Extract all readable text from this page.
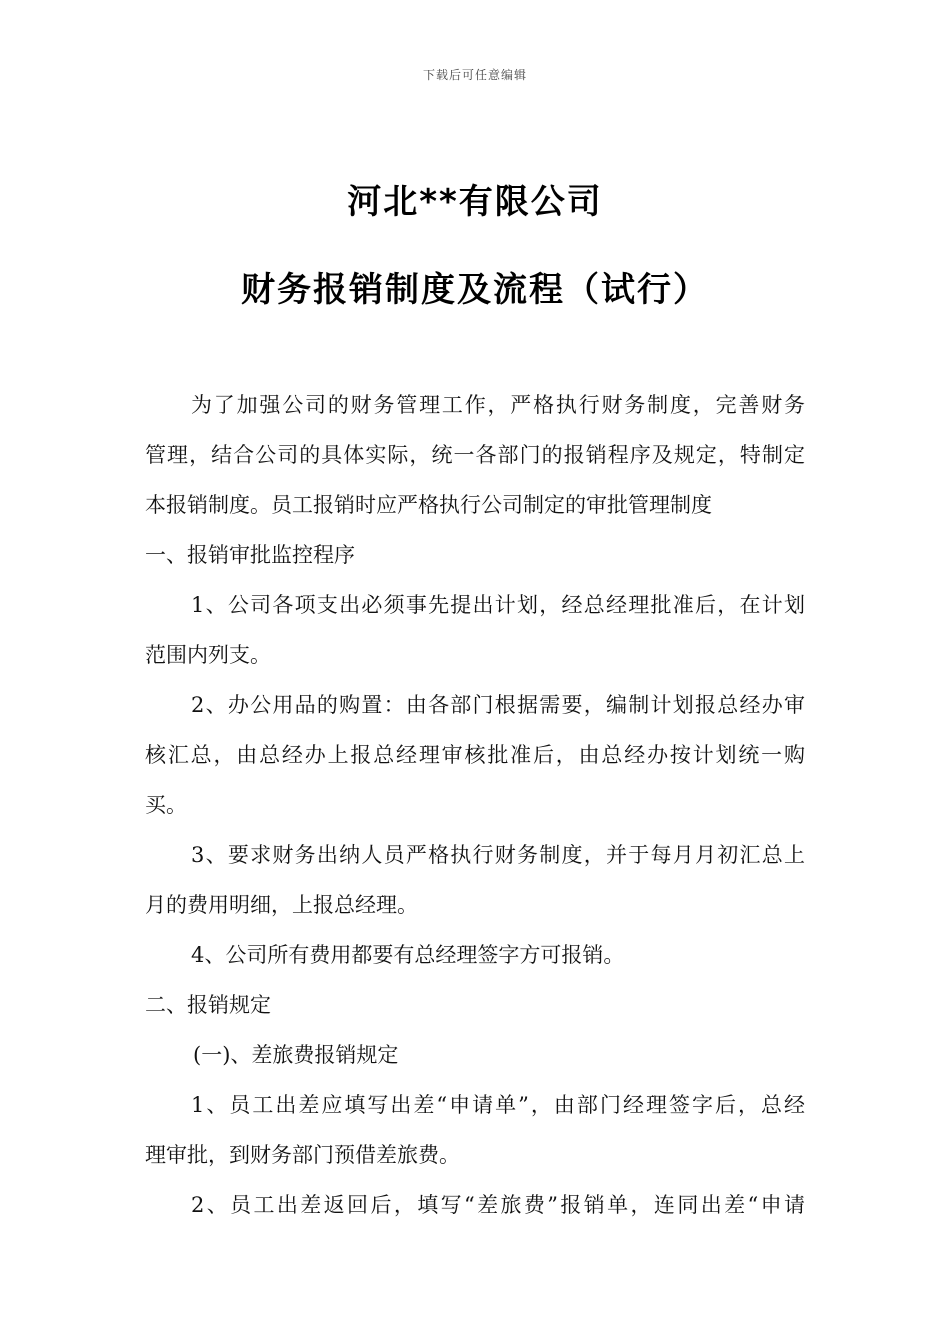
下载后可任意编辑
河北**有限公司
财务报销制度及流程（试行）
为了加强公司的财务管理工作，严格执行财务制度，完善财务
管理，结合公司的具体实际，统一各部门的报销程序及规定，特制定
本报销制度。员工报销时应严格执行公司制定的审批管理制度
一、报销审批监控程序
1、公司各项支出必须事先提出计划，经总经理批准后，在计划
范围内列支。
2、办公用品的购置：由各部门根据需要，编制计划报总经办审
核汇总，由总经办上报总经理审核批准后，由总经办按计划统一购
买。
3、要求财务出纳人员严格执行财务制度，并于每月月初汇总上
月的费用明细，上报总经理。
4、公司所有费用都要有总经理签字方可报销。
二、报销规定
(一)、差旅费报销规定
1、员工出差应填写出差“申请单”，由部门经理签字后，总经
理审批，到财务部门预借差旅费。
2、员工出差返回后，填写“差旅费”报销单，连同出差“申请
